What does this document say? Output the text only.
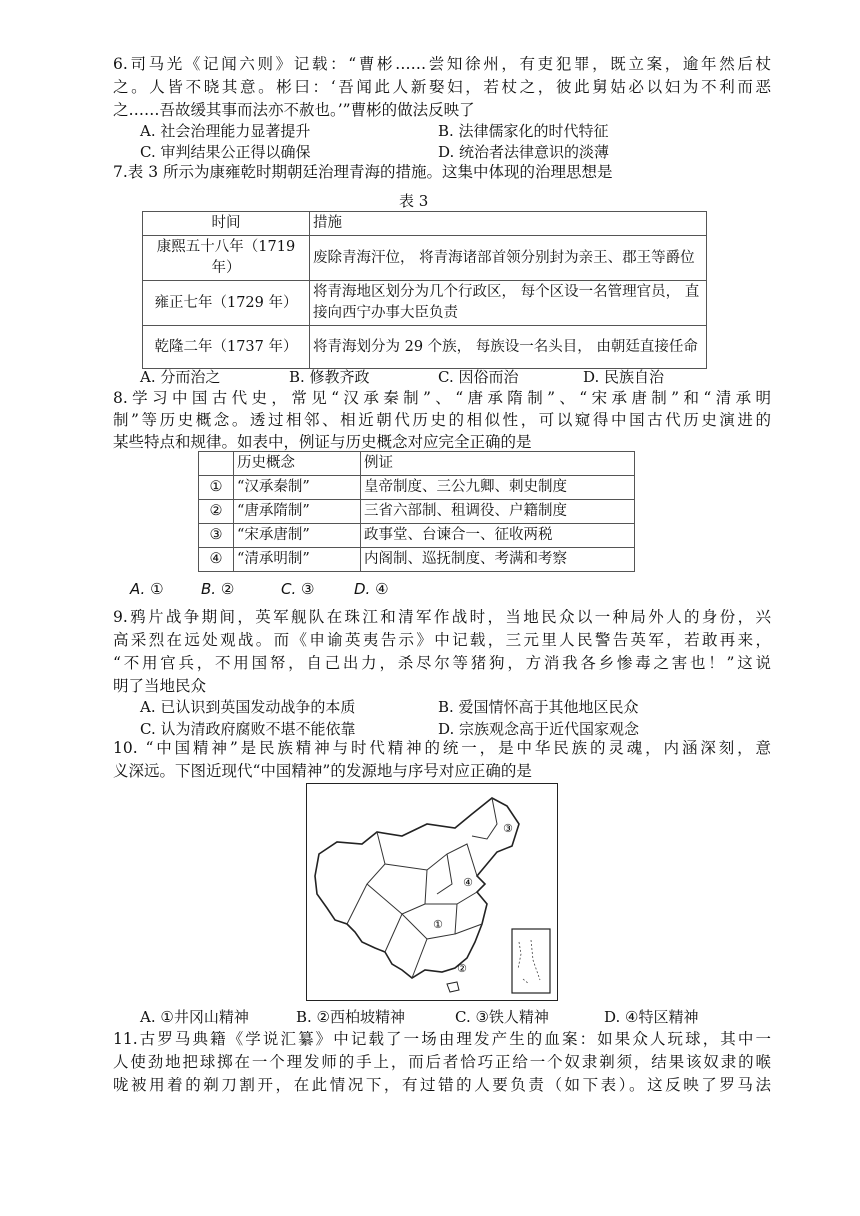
6.司马光《记闻六则》记载：“曹彬……尝知徐州，有吏犯罪，既立案，逾年然后杖
之。人皆不晓其意。彬曰：‘吾闻此人新娶妇，若杖之，彼此舅姑必以妇为不利而恶
之……吾故缓其事而法亦不赦也。’”曹彬的做法反映了
A. 社会治理能力显著提升	B. 法律儒家化的时代特征
C. 审判结果公正得以确保	D. 统治者法律意识的淡薄
7.表 3 所示为康雍乾时期朝廷治理青海的措施。这集中体现的治理思想是
表 3
时间	措施
康熙五十八年（1719年）	废除青海汗位， 将青海诸部首领分别封为亲王、郡王等爵位
雍正七年（1729 年）	将青海地区划分为几个行政区， 每个区设一名管理官员， 直接向西宁办事大臣负责
乾隆二年（1737 年）	将青海划分为 29 个族， 每族设一名头目， 由朝廷直接任命
A. 分而治之	B. 修教齐政	C. 因俗而治	D. 民族自治
8.学习中国古代史，常见“汉承秦制”、“唐承隋制”、“宋承唐制”和“清承明
制”等历史概念。透过相邻、相近朝代历史的相似性，可以窥得中国古代历史演进的
某些特点和规律。如表中，例证与历史概念对应完全正确的是
	历史概念	例证
①	“汉承秦制”	皇帝制度、三公九卿、刺史制度
②	“唐承隋制”	三省六部制、租调役、户籍制度
③	“宋承唐制”	政事堂、台谏合一、征收两税
④	“清承明制”	内阁制、巡抚制度、考满和考察
A. ① B. ②	C. ③	D. ④
9.鸦片战争期间，英军舰队在珠江和清军作战时，当地民众以一种局外人的身份，兴
高采烈在远处观战。而《申谕英夷告示》中记载，三元里人民警告英军，若敢再来，
“不用官兵，不用国帑，自己出力，杀尽尔等猪狗，方消我各乡惨毒之害也！”这说
明了当地民众
A. 已认识到英国发动战争的本质	B. 爱国情怀高于其他地区民众
C. 认为清政府腐败不堪不能依靠	D. 宗族观念高于近代国家观念
10. “中国精神”是民族精神与时代精神的统一，是中华民族的灵魂，内涵深刻，意
义深远。下图近现代“中国精神”的发源地与序号对应正确的是
③
④
②
①
A. ①井冈山精神	B. ②西柏坡精神	C. ③铁人精神	D. ④特区精神
11.古罗马典籍《学说汇纂》中记载了一场由理发产生的血案：如果众人玩球，其中一
人使劲地把球掷在一个理发师的手上，而后者恰巧正给一个奴隶剃须，结果该奴隶的喉
咙被用着的剃刀割开，在此情况下，有过错的人要负责（如下表）。这反映了罗马法
